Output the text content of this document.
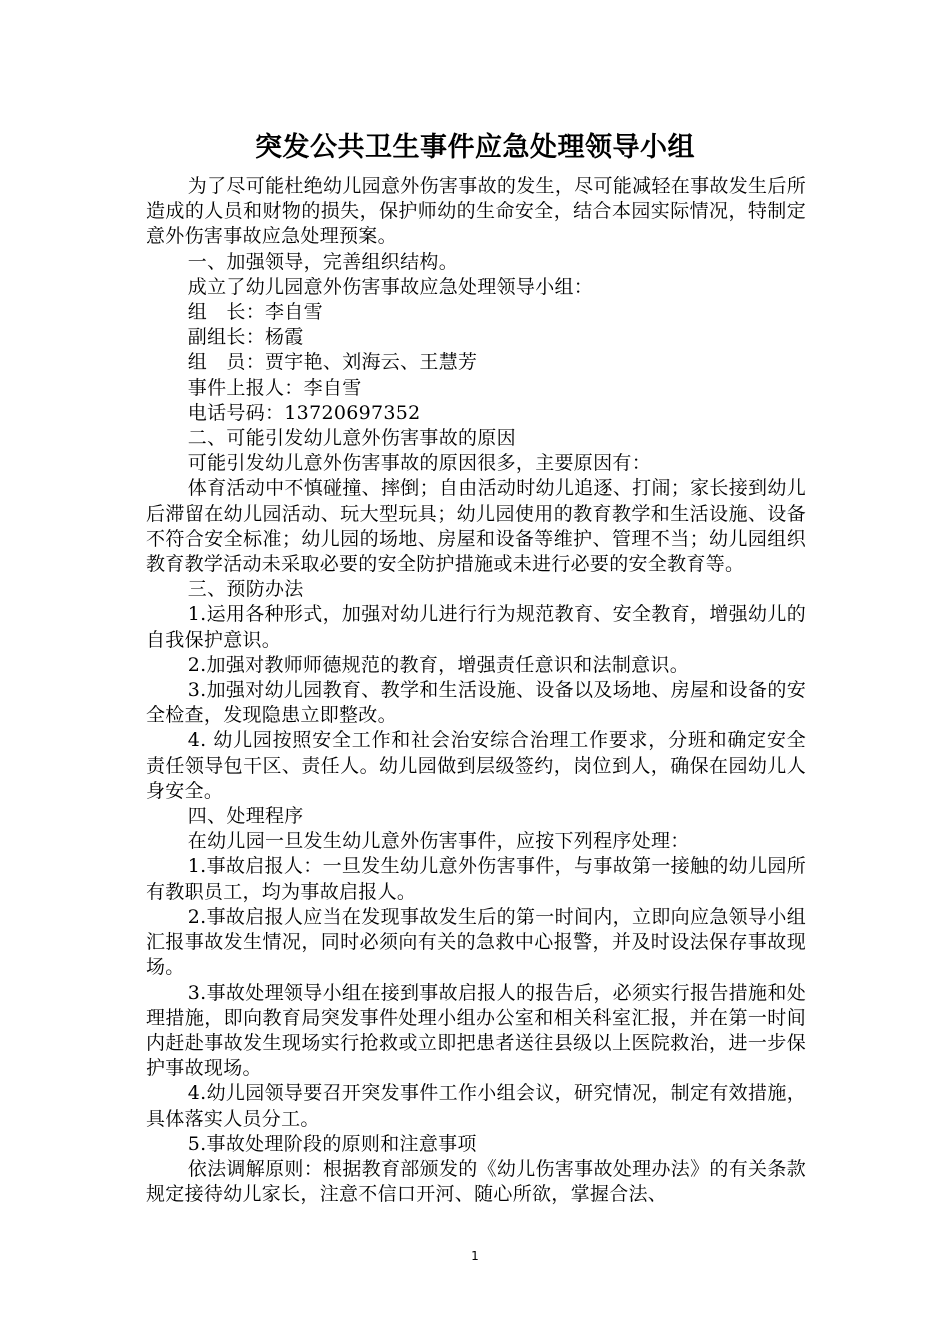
突发公共卫生事件应急处理领导小组

为了尽可能杜绝幼儿园意外伤害事故的发生，尽可能减轻在事故发生后所造成的人员和财物的损失，保护师幼的生命安全，结合本园实际情况，特制定意外伤害事故应急处理预案。

一、加强领导，完善组织结构。

成立了幼儿园意外伤害事故应急处理领导小组：

组　长：李自雪

副组长：杨霞

组　员：贾宇艳、刘海云、王慧芳

事件上报人：李自雪

电话号码：13720697352

二、可能引发幼儿意外伤害事故的原因

可能引发幼儿意外伤害事故的原因很多，主要原因有：

体育活动中不慎碰撞、摔倒；自由活动时幼儿追逐、打闹；家长接到幼儿后滞留在幼儿园活动、玩大型玩具；幼儿园使用的教育教学和生活设施、设备不符合安全标准；幼儿园的场地、房屋和设备等维护、管理不当；幼儿园组织教育教学活动未采取必要的安全防护措施或未进行必要的安全教育等。

三、预防办法

1.运用各种形式，加强对幼儿进行行为规范教育、安全教育，增强幼儿的自我保护意识。

2.加强对教师师德规范的教育，增强责任意识和法制意识。

3.加强对幼儿园教育、教学和生活设施、设备以及场地、房屋和设备的安全检查，发现隐患立即整改。

4. 幼儿园按照安全工作和社会治安综合治理工作要求，分班和确定安全责任领导包干区、责任人。幼儿园做到层级签约，岗位到人，确保在园幼儿人身安全。

四、处理程序

在幼儿园一旦发生幼儿意外伤害事件，应按下列程序处理：

1.事故启报人：一旦发生幼儿意外伤害事件，与事故第一接触的幼儿园所有教职员工，均为事故启报人。

2.事故启报人应当在发现事故发生后的第一时间内，立即向应急领导小组汇报事故发生情况，同时必须向有关的急救中心报警，并及时设法保存事故现场。

3.事故处理领导小组在接到事故启报人的报告后，必须实行报告措施和处理措施，即向教育局突发事件处理小组办公室和相关科室汇报，并在第一时间内赶赴事故发生现场实行抢救或立即把患者送往县级以上医院救治，进一步保护事故现场。

4.幼儿园领导要召开突发事件工作小组会议，研究情况，制定有效措施，具体落实人员分工。

5.事故处理阶段的原则和注意事项

依法调解原则：根据教育部颁发的《幼儿伤害事故处理办法》的有关条款规定接待幼儿家长，注意不信口开河、随心所欲，掌握合法、

1
